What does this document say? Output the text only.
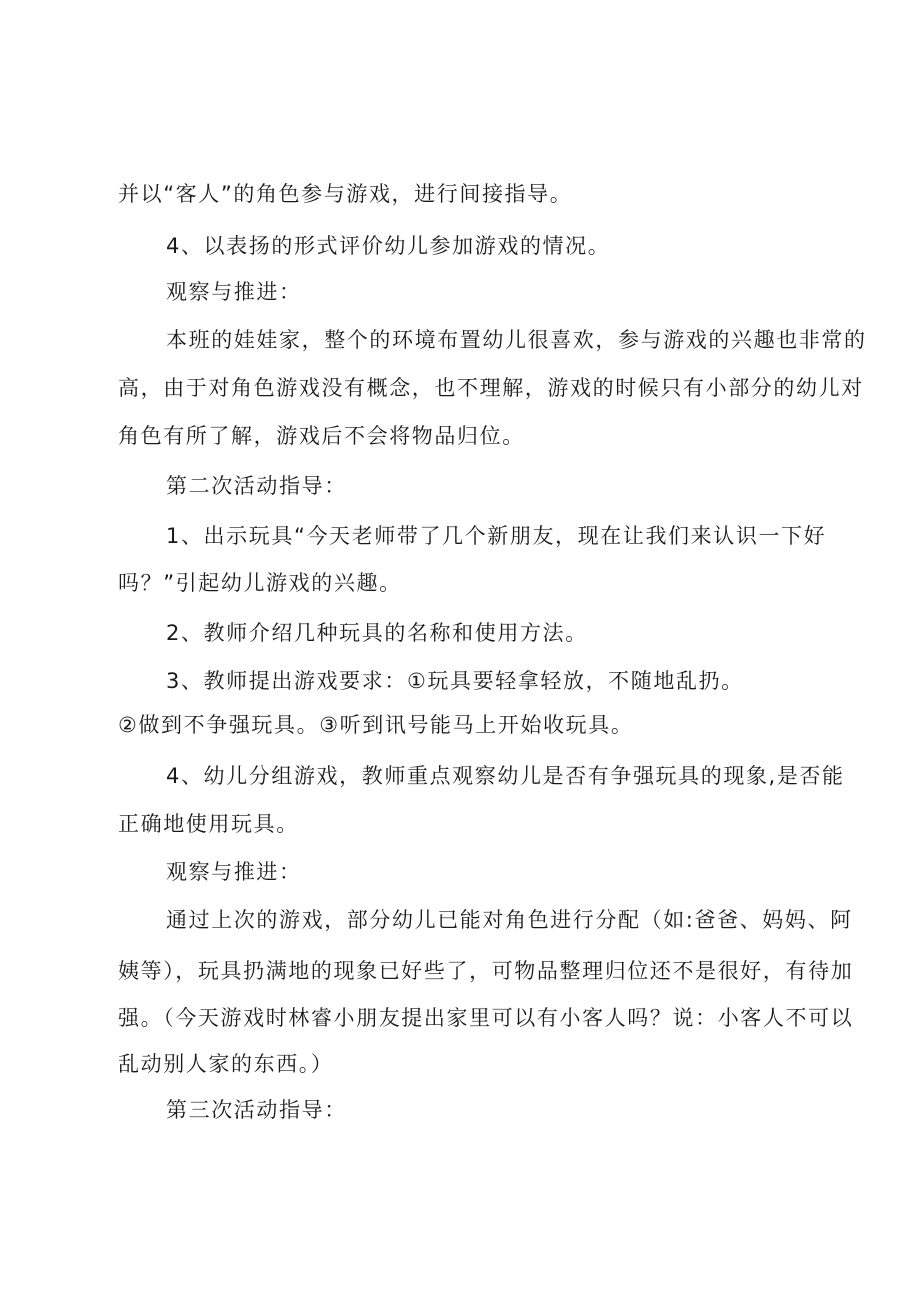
并以“客人”的角色参与游戏，进行间接指导。
4、以表扬的形式评价幼儿参加游戏的情况。
观察与推进：
本班的娃娃家，整个的环境布置幼儿很喜欢，参与游戏的兴趣也非常的
高，由于对角色游戏没有概念，也不理解，游戏的时候只有小部分的幼儿对
角色有所了解，游戏后不会将物品归位。
第二次活动指导：
1、出示玩具“今天老师带了几个新朋友，现在让我们来认识一下好
吗？”引起幼儿游戏的兴趣。
2、教师介绍几种玩具的名称和使用方法。
3、教师提出游戏要求：①玩具要轻拿轻放，不随地乱扔。
②做到不争强玩具。③听到讯号能马上开始收玩具。
4、幼儿分组游戏，教师重点观察幼儿是否有争强玩具的现象,是否能
正确地使用玩具。
观察与推进：
通过上次的游戏，部分幼儿已能对角色进行分配（如:爸爸、妈妈、阿
姨等），玩具扔满地的现象已好些了，可物品整理归位还不是很好，有待加
强。（今天游戏时林睿小朋友提出家里可以有小客人吗？说：小客人不可以
乱动别人家的东西。）
第三次活动指导：
